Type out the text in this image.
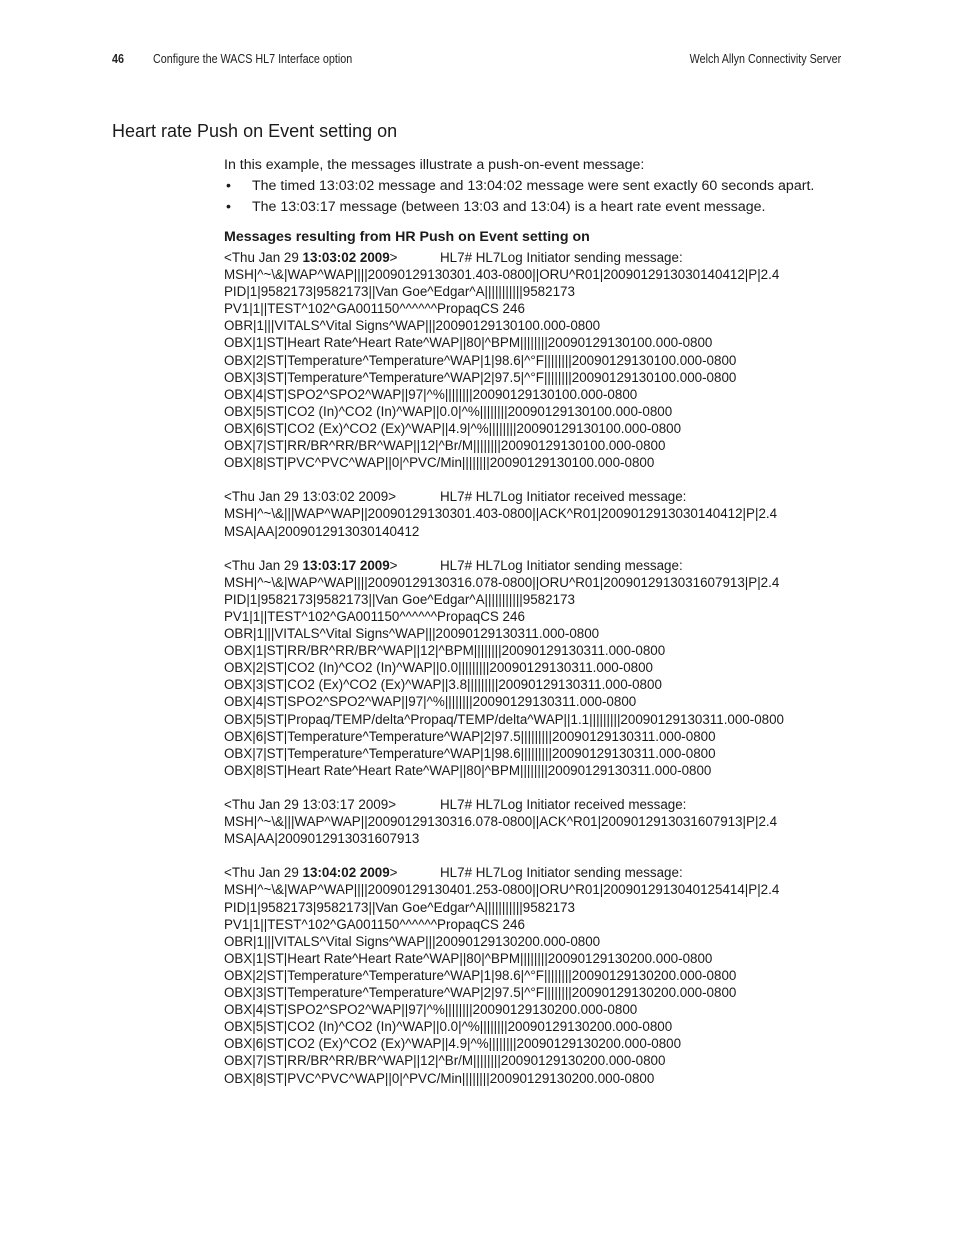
46 Configure the WACS HL7 Interface option	Welch Allyn Connectivity Server
Heart rate Push on Event setting on

In this example, the messages illustrate a push-on-event message:

• The timed 13:03:02 message and 13:04:02 message were sent exactly 60 seconds apart.
• The 13:03:17 message (between 13:03 and 13:04) is a heart rate event message.
Messages resulting from HR Push on Event setting on
<Thu Jan 29 13:03:02 2009>	HL7# HL7Log Initiator sending message:
MSH|^~\&|WAP^WAP||||20090129130301.403-0800||ORU^R01|2009012913030140412|P|2.4
PID|1|9582173|9582173||Van Goe^Edgar^A|||||||||||9582173
PV1|1||TEST^102^GA001150^^^^^^PropaqCS 246
OBR|1|||VITALS^Vital Signs^WAP|||20090129130100.000-0800
OBX|1|ST|Heart Rate^Heart Rate^WAP||80|^BPM||||||||20090129130100.000-0800
OBX|2|ST|Temperature^Temperature^WAP|1|98.6|^°F||||||||20090129130100.000-0800
OBX|3|ST|Temperature^Temperature^WAP|2|97.5|^°F||||||||20090129130100.000-0800
OBX|4|ST|SPO2^SPO2^WAP||97|^%||||||||20090129130100.000-0800
OBX|5|ST|CO2 (In)^CO2 (In)^WAP||0.0|^%||||||||20090129130100.000-0800
OBX|6|ST|CO2 (Ex)^CO2 (Ex)^WAP||4.9|^%||||||||20090129130100.000-0800
OBX|7|ST|RR/BR^RR/BR^WAP||12|^Br/M||||||||20090129130100.000-0800
OBX|8|ST|PVC^PVC^WAP||0|^PVC/Min||||||||20090129130100.000-0800
<Thu Jan 29 13:03:02 2009>	HL7# HL7Log Initiator received message:
MSH|^~\&|||WAP^WAP||20090129130301.403-0800||ACK^R01|2009012913030140412|P|2.4
MSA|AA|2009012913030140412
<Thu Jan 29 13:03:17 2009>	HL7# HL7Log Initiator sending message:
MSH|^~\&|WAP^WAP||||20090129130316.078-0800||ORU^R01|2009012913031607913|P|2.4
PID|1|9582173|9582173||Van Goe^Edgar^A|||||||||||9582173
PV1|1||TEST^102^GA001150^^^^^^PropaqCS 246
OBR|1|||VITALS^Vital Signs^WAP|||20090129130311.000-0800
OBX|1|ST|RR/BR^RR/BR^WAP||12|^BPM||||||||20090129130311.000-0800
OBX|2|ST|CO2 (In)^CO2 (In)^WAP||0.0|||||||||20090129130311.000-0800
OBX|3|ST|CO2 (Ex)^CO2 (Ex)^WAP||3.8|||||||||20090129130311.000-0800
OBX|4|ST|SPO2^SPO2^WAP||97|^%||||||||20090129130311.000-0800
OBX|5|ST|Propaq/TEMP/delta^Propaq/TEMP/delta^WAP||1.1|||||||||20090129130311.000-0800
OBX|6|ST|Temperature^Temperature^WAP|2|97.5|||||||||20090129130311.000-0800
OBX|7|ST|Temperature^Temperature^WAP|1|98.6|||||||||20090129130311.000-0800
OBX|8|ST|Heart Rate^Heart Rate^WAP||80|^BPM||||||||20090129130311.000-0800
<Thu Jan 29 13:03:17 2009>	HL7# HL7Log Initiator received message:
MSH|^~\&|||WAP^WAP||20090129130316.078-0800||ACK^R01|2009012913031607913|P|2.4
MSA|AA|2009012913031607913
<Thu Jan 29 13:04:02 2009>	HL7# HL7Log Initiator sending message:
MSH|^~\&|WAP^WAP||||20090129130401.253-0800||ORU^R01|2009012913040125414|P|2.4
PID|1|9582173|9582173||Van Goe^Edgar^A|||||||||||9582173
PV1|1||TEST^102^GA001150^^^^^^PropaqCS 246
OBR|1|||VITALS^Vital Signs^WAP|||20090129130200.000-0800
OBX|1|ST|Heart Rate^Heart Rate^WAP||80|^BPM||||||||20090129130200.000-0800
OBX|2|ST|Temperature^Temperature^WAP|1|98.6|^°F||||||||20090129130200.000-0800
OBX|3|ST|Temperature^Temperature^WAP|2|97.5|^°F||||||||20090129130200.000-0800
OBX|4|ST|SPO2^SPO2^WAP||97|^%||||||||20090129130200.000-0800
OBX|5|ST|CO2 (In)^CO2 (In)^WAP||0.0|^%||||||||20090129130200.000-0800
OBX|6|ST|CO2 (Ex)^CO2 (Ex)^WAP||4.9|^%||||||||20090129130200.000-0800
OBX|7|ST|RR/BR^RR/BR^WAP||12|^Br/M||||||||20090129130200.000-0800
OBX|8|ST|PVC^PVC^WAP||0|^PVC/Min||||||||20090129130200.000-0800
